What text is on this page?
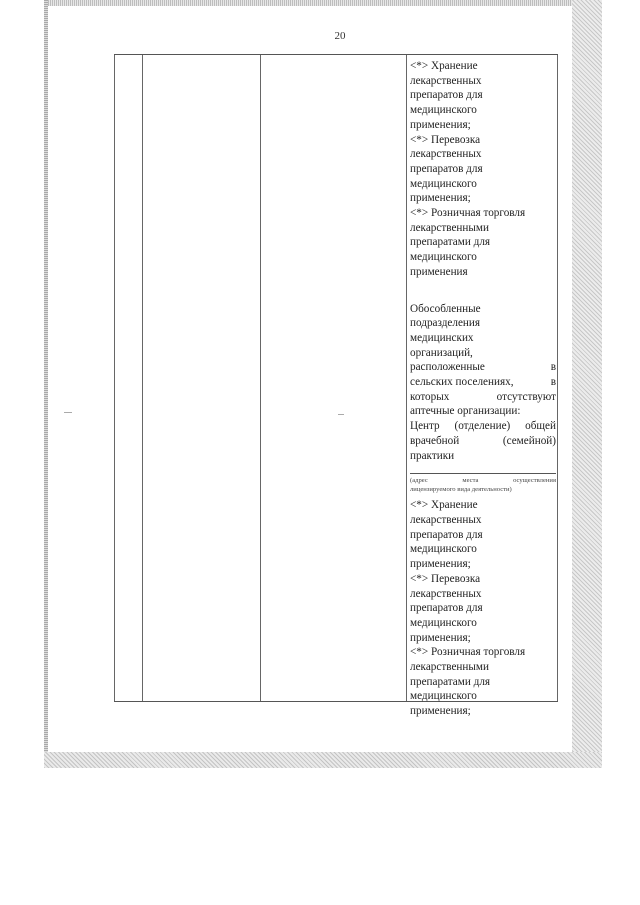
20
<*> Хранение
лекарственных
препаратов для
медицинского
применения;
<*> Перевозка
лекарственных
препаратов для
медицинского
применения;
<*> Розничная торговля
лекарственными
препаратами для
медицинского
применения
Обособленные
подразделения
медицинских
организаций,
расположенные	в
сельских поселениях,	в
которых	отсутствуют
аптечные организации:
Центр (отделение) общей
врачебной	(семейной)
практики
(адрес	места	осуществления
лицензируемого вида деятельности)
<*> Хранение
лекарственных
препаратов для
медицинского
применения;
<*> Перевозка
лекарственных
препаратов для
медицинского
применения;
<*> Розничная торговля
лекарственными
препаратами для
медицинского
применения;
